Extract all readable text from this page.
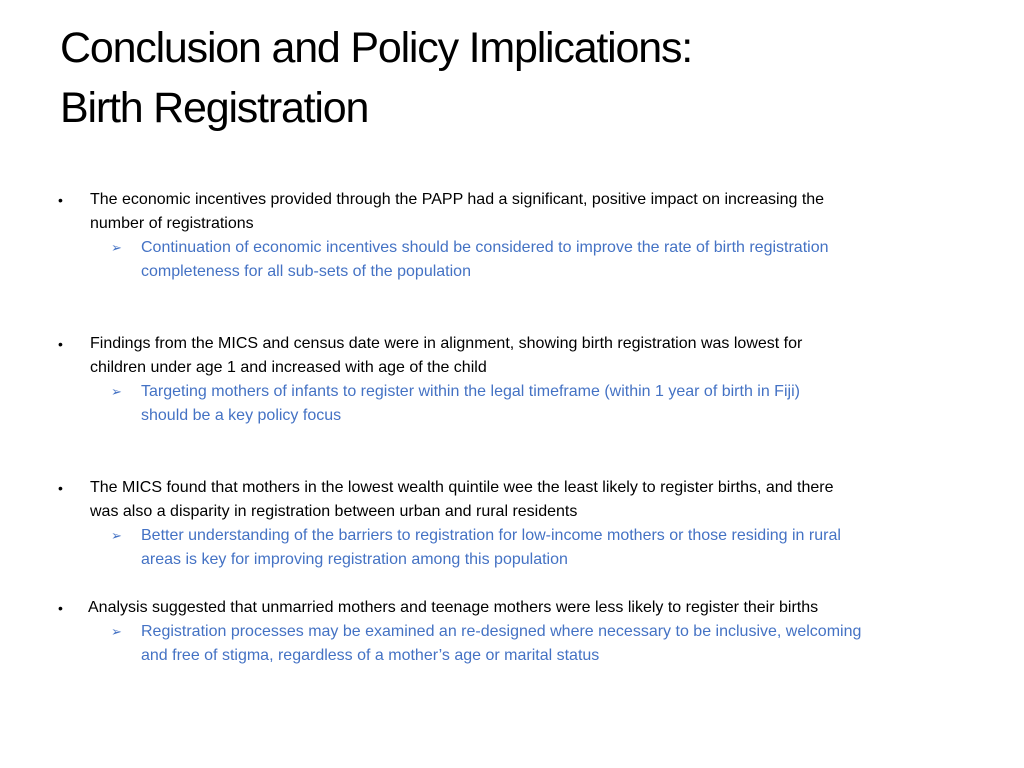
Conclusion and Policy Implications:
Birth Registration
•	The economic incentives provided through the PAPP had a significant, positive impact on increasing the
number of registrations
➢	Continuation of economic incentives should be considered to improve the rate of birth registration
completeness for all sub-sets of the population
•	Findings from the MICS and census date were in alignment, showing birth registration was lowest for
children under age 1 and increased with age of the child
➢	Targeting mothers of infants to register within the legal timeframe (within 1 year of birth in Fiji)
should be a key policy focus
•	The MICS found that mothers in the lowest wealth quintile wee the least likely to register births, and there
was also a disparity in registration between urban and rural residents
➢	Better understanding of the barriers to registration for low-income mothers or those residing in rural
areas is key for improving registration among this population
•	Analysis suggested that unmarried mothers and teenage mothers were less likely to register their births
➢	Registration processes may be examined an re-designed where necessary to be inclusive, welcoming
and free of stigma, regardless of a mother’s age or marital status
